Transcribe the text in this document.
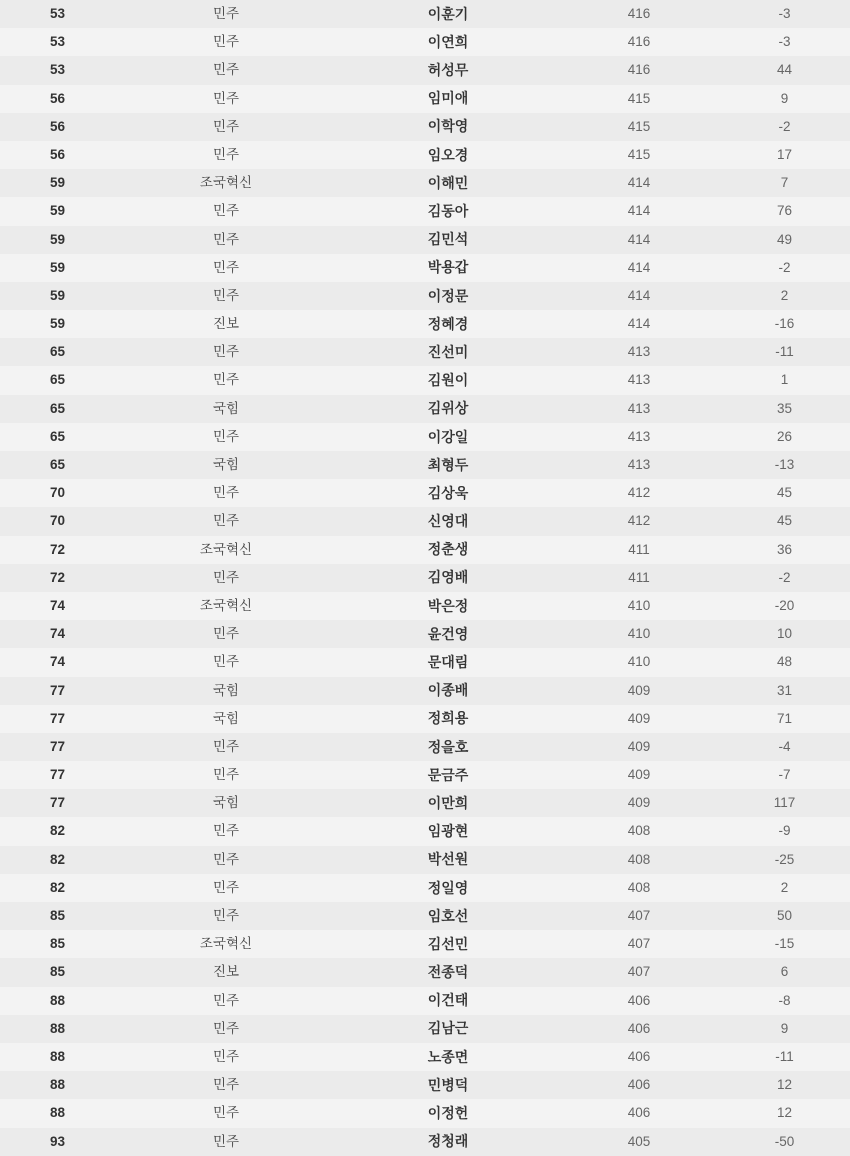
53	민주	이훈기	416	-3
53	민주	이연희	416	-3
53	민주	허성무	416	44
56	민주	임미애	415	9
56	민주	이학영	415	-2
56	민주	임오경	415	17
59	조국혁신	이해민	414	7
59	민주	김동아	414	76
59	민주	김민석	414	49
59	민주	박용갑	414	-2
59	민주	이정문	414	2
59	진보	정혜경	414	-16
65	민주	진선미	413	-11
65	민주	김원이	413	1
65	국힘	김위상	413	35
65	민주	이강일	413	26
65	국힘	최형두	413	-13
70	민주	김상욱	412	45
70	민주	신영대	412	45
72	조국혁신	정춘생	411	36
72	민주	김영배	411	-2
74	조국혁신	박은정	410	-20
74	민주	윤건영	410	10
74	민주	문대림	410	48
77	국힘	이종배	409	31
77	국힘	정희용	409	71
77	민주	정을호	409	-4
77	민주	문금주	409	-7
77	국힘	이만희	409	117
82	민주	임광현	408	-9
82	민주	박선원	408	-25
82	민주	정일영	408	2
85	민주	임호선	407	50
85	조국혁신	김선민	407	-15
85	진보	전종덕	407	6
88	민주	이건태	406	-8
88	민주	김남근	406	9
88	민주	노종면	406	-11
88	민주	민병덕	406	12
88	민주	이정헌	406	12
93	민주	정청래	405	-50
